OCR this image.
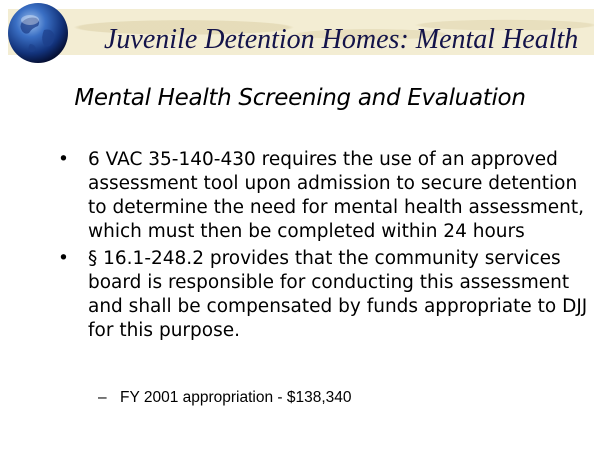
Juvenile Detention Homes: Mental Health
Mental Health Screening and Evaluation
• 6 VAC 35-140-430 requires the use of an approved assessment tool upon admission to secure detention to determine the need for mental health assessment, which must then be completed within 24 hours
• § 16.1-248.2 provides that the community services board is responsible for conducting this assessment and shall be compensated by funds appropriate to DJJ for this purpose.
– FY 2001 appropriation - $138,340
